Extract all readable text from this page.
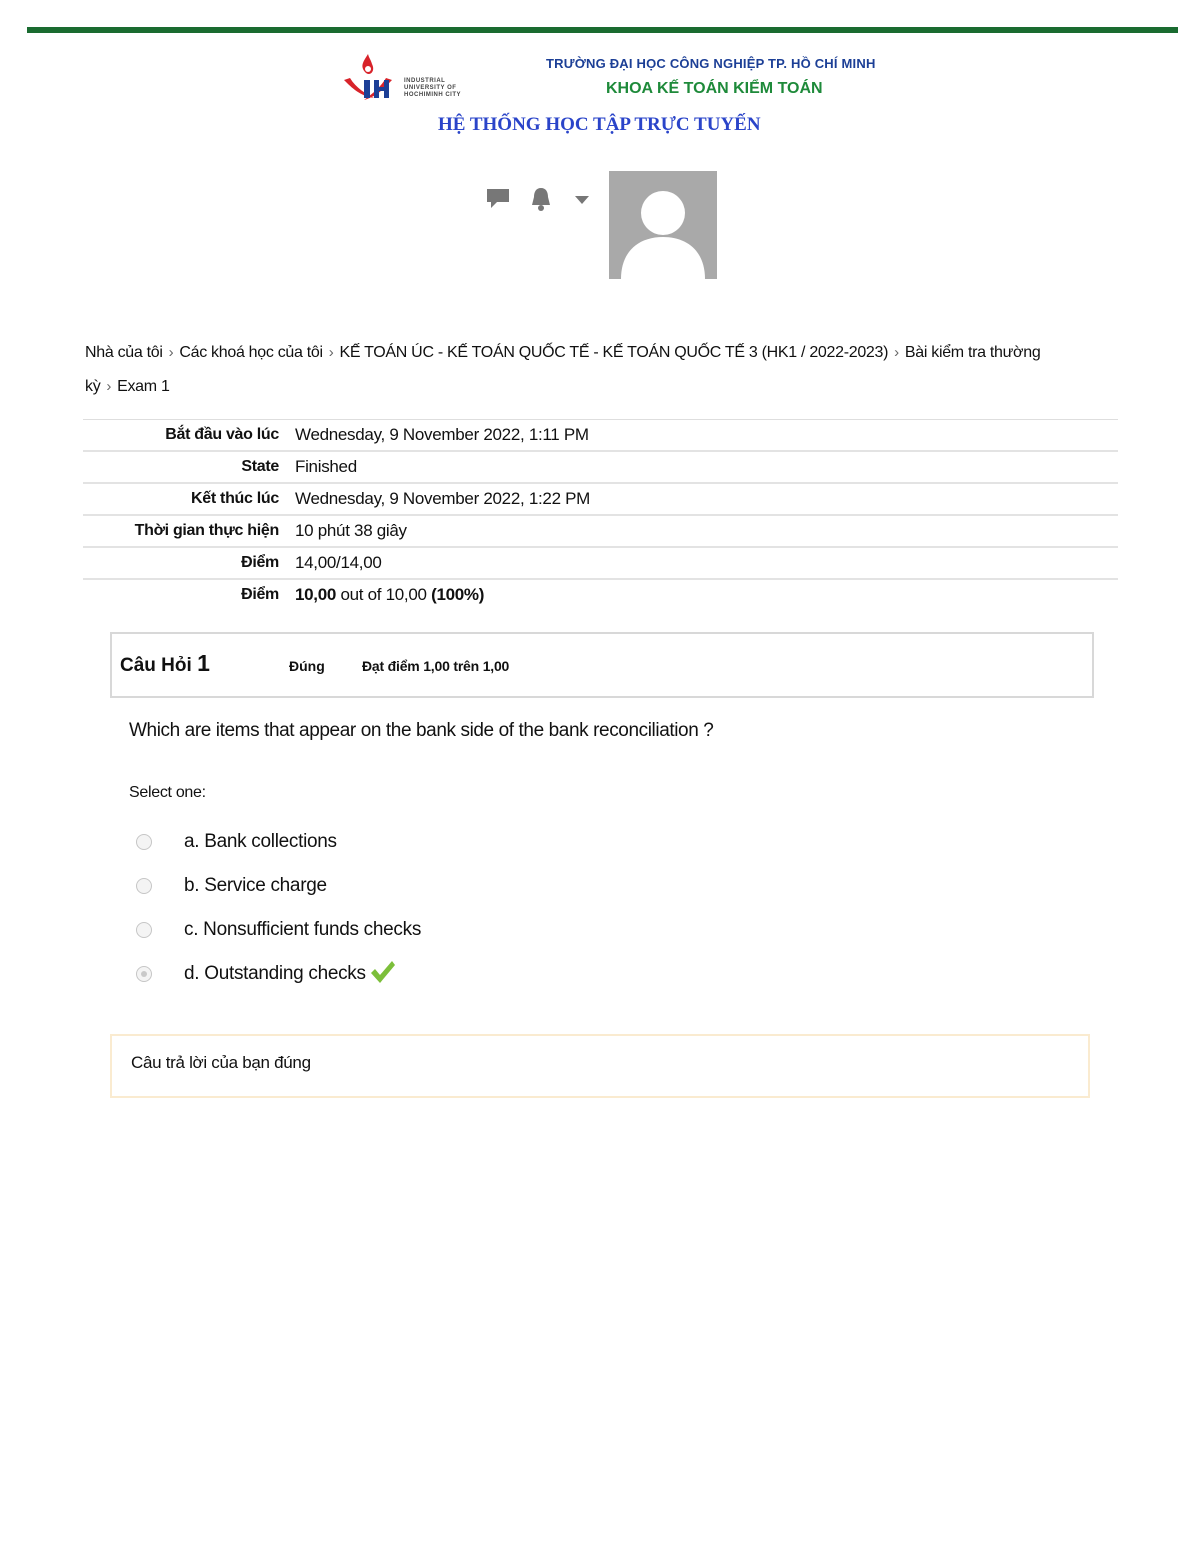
INDUSTRIAL UNIVERSITY OF HOCHIMINH CITY
TRƯỜNG ĐẠI HỌC CÔNG NGHIỆP TP. HỒ CHÍ MINH
KHOA KẾ TOÁN KIỂM TOÁN
HỆ THỐNG HỌC TẬP TRỰC TUYẾN
Nhà của tôi › Các khoá học của tôi › KẾ TOÁN ÚC - KẾ TOÁN QUỐC TẾ - KẾ TOÁN QUỐC TẾ 3 (HK1 / 2022-2023) › Bài kiểm tra thường kỳ › Exam 1
Bắt đầu vào lúc Wednesday, 9 November 2022, 1:11 PM
State Finished
Kết thúc lúc Wednesday, 9 November 2022, 1:22 PM
Thời gian thực hiện 10 phút 38 giây
Điểm 14,00/14,00
Điểm 10,00 out of 10,00 (100%)
Câu Hỏi 1	Đúng	Đạt điểm 1,00 trên 1,00
Which are items that appear on the bank side of the bank reconciliation ?
Select one:
a. Bank collections
b. Service charge
c. Nonsufficient funds checks
d. Outstanding checks
Câu trả lời của bạn đúng
